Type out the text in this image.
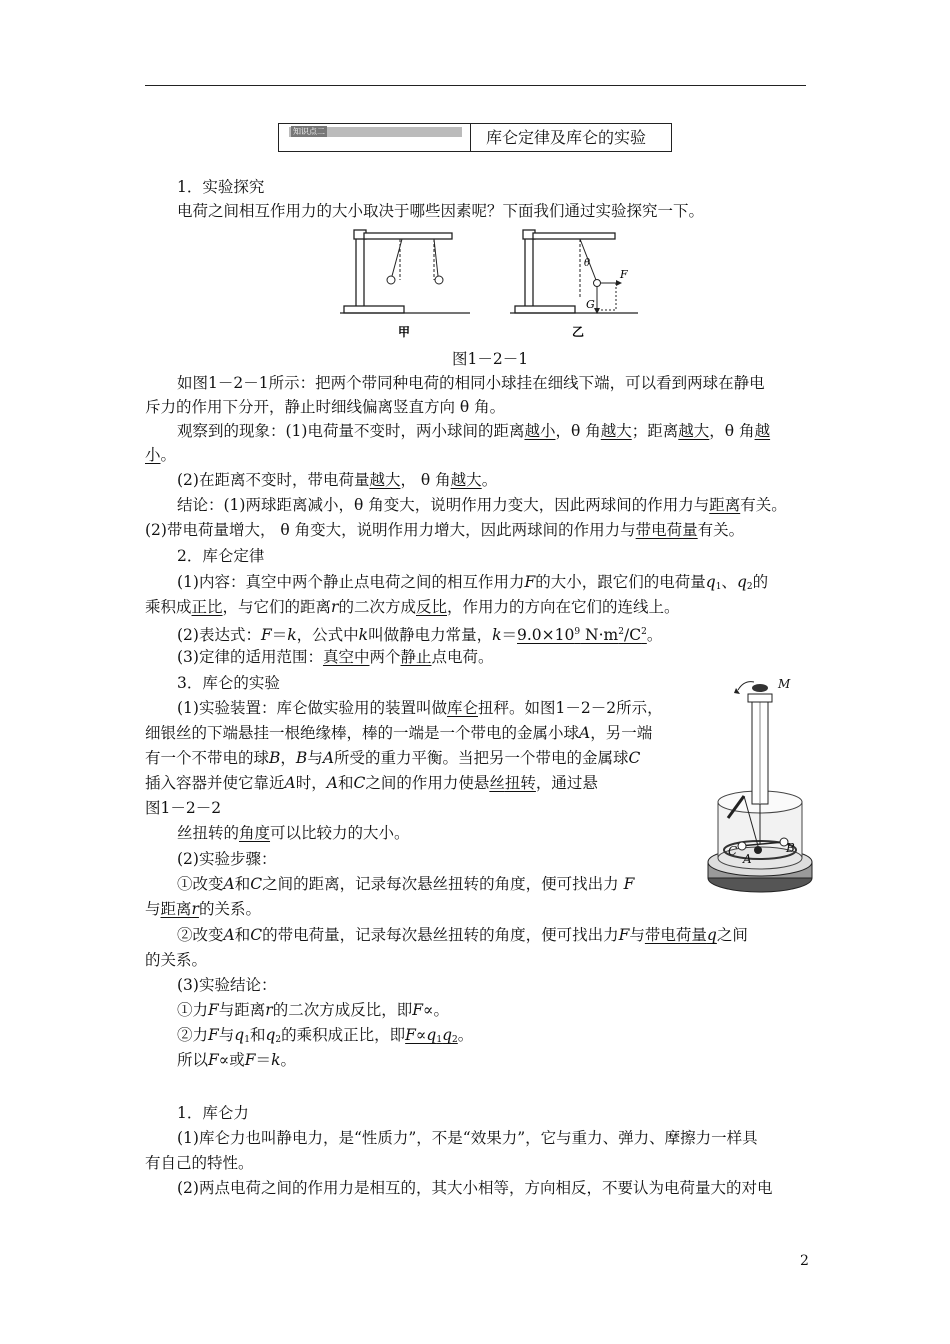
知识点二	库仑定律及库仑的实验
1．实验探究
电荷之间相互作用力的大小取决于哪些因素呢？下面我们通过实验探究一下。
甲
θ
F
G
乙
图1－2－1
如图1－2－1所示：把两个带同种电荷的相同小球挂在细线下端，可以看到两球在静电
斥力的作用下分开，静止时细线偏离竖直方向 θ 角。
观察到的现象：(1)电荷量不变时，两小球间的距离越小，θ 角越大；距离越大，θ 角越
小。
(2)在距离不变时，带电荷量越大， θ 角越大。
结论：(1)两球距离减小，θ 角变大，说明作用力变大，因此两球间的作用力与距离有关。
(2)带电荷量增大， θ 角变大，说明作用力增大，因此两球间的作用力与带电荷量有关。
2．库仑定律
(1)内容：真空中两个静止点电荷之间的相互作用力F的大小，跟它们的电荷量$q_1$、$q_2$的
乘积成正比，与它们的距离r的二次方成反比，作用力的方向在它们的连线上。
(2)表达式：F＝k，公式中k叫做静电力常量，$k=9.0\times 10^9$ $N\cdot m^2/C^2$。
(3)定律的适用范围：真空中两个静止点电荷。
3．库仑的实验
(1)实验装置：库仑做实验用的装置叫做库仑扭秤。如图1－2－2所示，
细银丝的下端悬挂一根绝缘棒，棒的一端是一个带电的金属小球A，另一端
有一个不带电的球B，B与A所受的重力平衡。当把另一个带电的金属球C
插入容器并使它靠近A时，A和C之间的作用力使悬丝扭转，通过悬
图1－2－2
丝扭转的角度可以比较力的大小。
M
A
B
C
(2)实验步骤：
①改变A和C之间的距离，记录每次悬丝扭转的角度，便可找出力 F
与距离r的关系。
②改变A和C的带电荷量，记录每次悬丝扭转的角度，便可找出力F与带电荷量q之间
的关系。
(3)实验结论：
①力F与距离r的二次方成反比，即F∝。
②力F与$q_1$和$q_2$的乘积成正比，即$F\propto q_1q_2$。
所以F∝或F＝k。
1．库仑力
(1)库仑力也叫静电力，是“性质力”，不是“效果力”，它与重力、弹力、摩擦力一样具
有自己的特性。
(2)两点电荷之间的作用力是相互的，其大小相等，方向相反，不要认为电荷量大的对电
2
